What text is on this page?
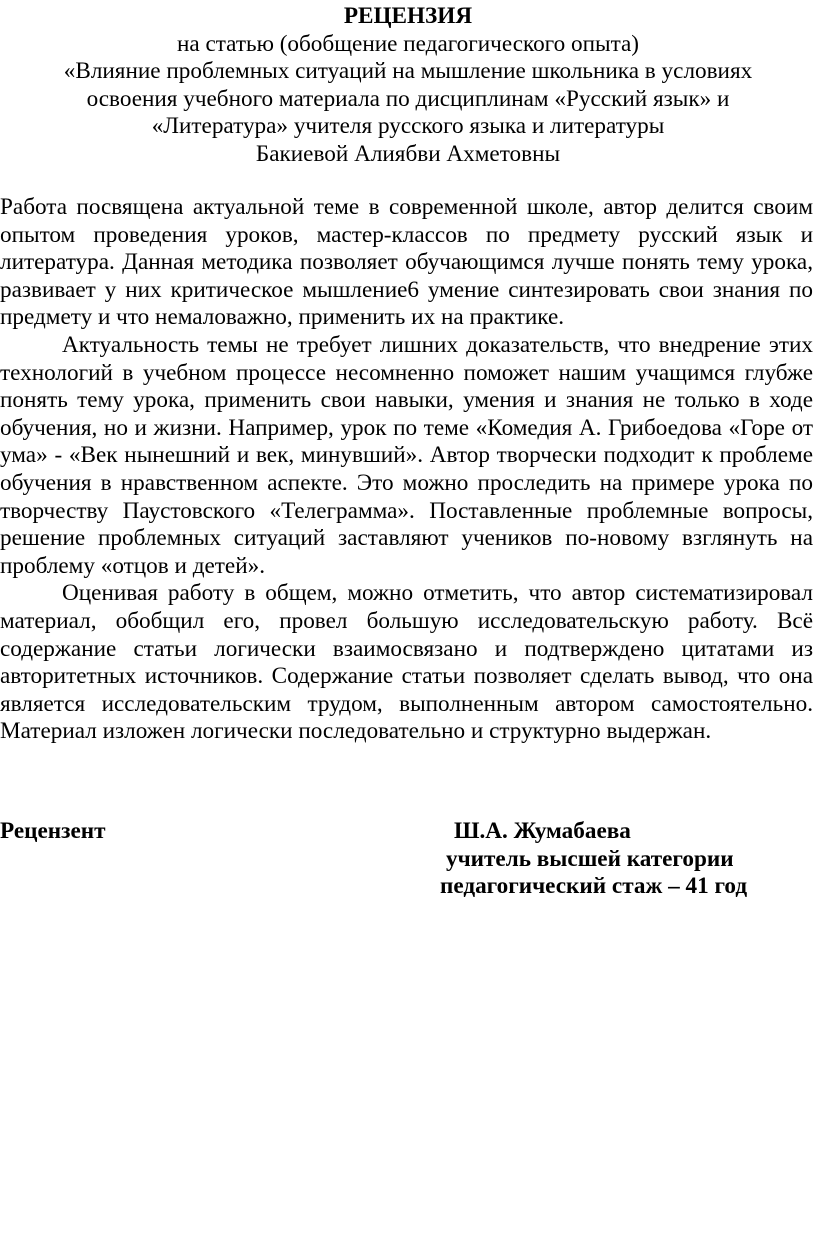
РЕЦЕНЗИЯ

на статью (обобщение педагогического опыта)

«Влияние проблемных ситуаций на мышление школьника в условиях

освоения учебного материала по дисциплинам «Русский язык» и

«Литература» учителя русского языка и литературы

Бакиевой Алиябви Ахметовны

Работа посвящена актуальной теме в современной школе, автор делится своим опытом проведения уроков, мастер-классов по предмету русский язык и литература. Данная методика позволяет обучающимся лучше понять тему урока, развивает у них критическое мышление6 умение синтезировать свои знания по предмету и что немаловажно, применить их на практике.

Актуальность темы не требует лишних доказательств, что внедрение этих технологий в учебном процессе несомненно поможет нашим учащимся глубже понять тему урока, применить свои навыки, умения и знания не только в ходе обучения, но и жизни. Например, урок по теме «Комедия А. Грибоедова «Горе от ума» - «Век нынешний и век, минувший». Автор творчески подходит к проблеме обучения в нравственном аспекте. Это можно проследить на примере урока по творчеству Паустовского «Телеграмма». Поставленные проблемные вопросы, решение проблемных ситуаций заставляют учеников по-новому взглянуть на проблему «отцов и детей».

Оценивая работу в общем, можно отметить, что автор систематизировал материал, обобщил его, провел большую исследовательскую работу. Всё содержание статьи логически взаимосвязано и подтверждено цитатами из авторитетных источников. Содержание статьи позволяет сделать вывод, что она является исследовательским трудом, выполненным автором самостоятельно. Материал изложен логически последовательно и структурно выдержан.

Рецензент	Ш.А. Жумабаева
учитель высшей категории
педагогический стаж – 41 год
